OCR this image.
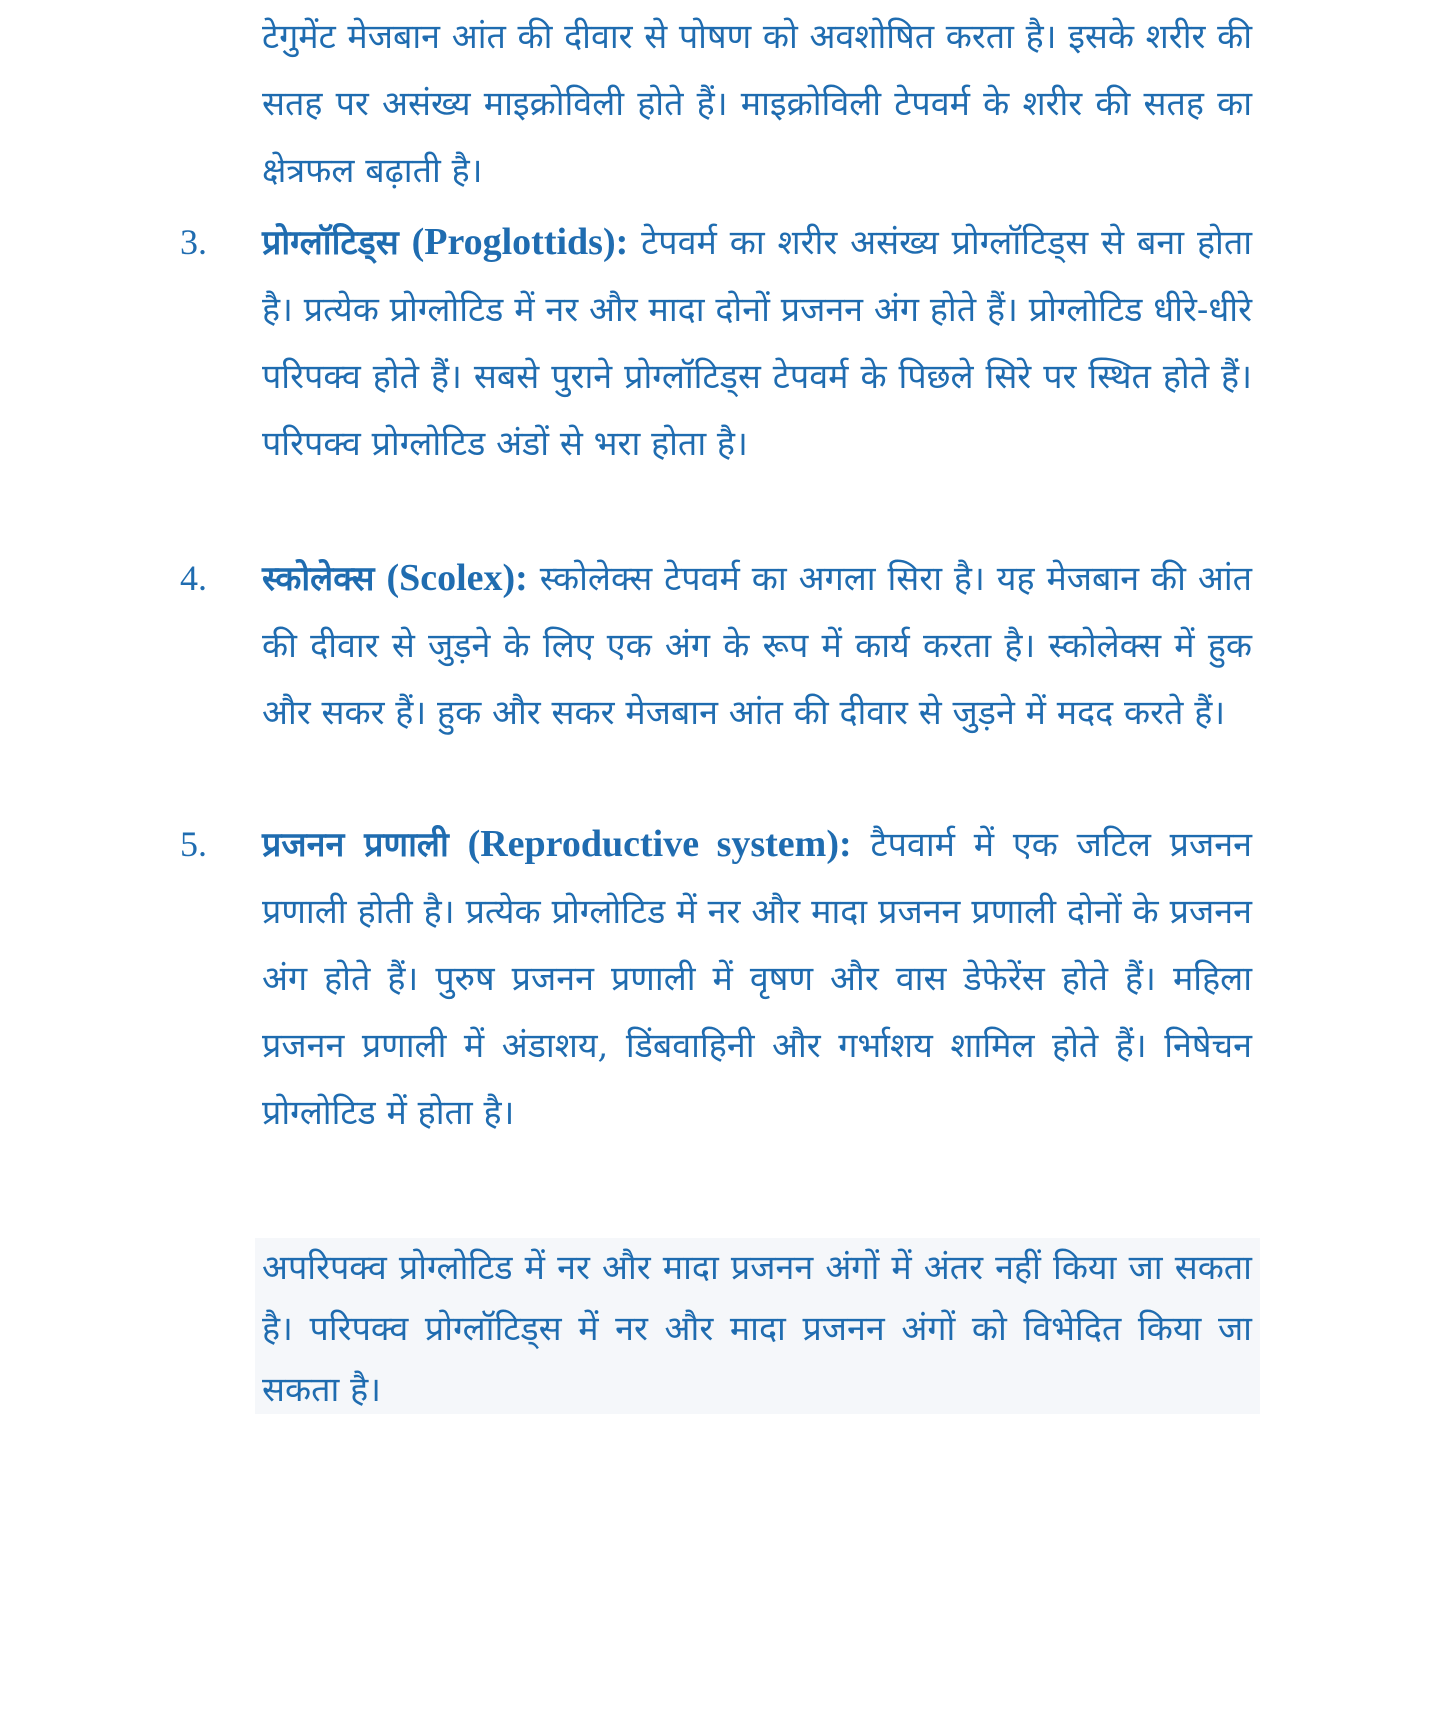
टेगुमेंट मेजबान आंत की दीवार से पोषण को अवशोषित करता है। इसके शरीर की सतह पर असंख्य माइक्रोविली होते हैं। माइक्रोविली टेपवर्म के शरीर की सतह का क्षेत्रफल बढ़ाती है।

3. प्रोग्लॉटिड्स (Proglottids): टेपवर्म का शरीर असंख्य प्रोग्लॉटिड्स से बना होता है। प्रत्येक प्रोग्लोटिड में नर और मादा दोनों प्रजनन अंग होते हैं। प्रोग्लोटिड धीरे-धीरे परिपक्व होते हैं। सबसे पुराने प्रोग्लॉटिड्स टेपवर्म के पिछले सिरे पर स्थित होते हैं। परिपक्व प्रोग्लोटिड अंडों से भरा होता है।

4. स्कोलेक्स (Scolex): स्कोलेक्स टेपवर्म का अगला सिरा है। यह मेजबान की आंत की दीवार से जुड़ने के लिए एक अंग के रूप में कार्य करता है। स्कोलेक्स में हुक और सकर हैं। हुक और सकर मेजबान आंत की दीवार से जुड़ने में मदद करते हैं।

5. प्रजनन प्रणाली (Reproductive system): टैपवार्म में एक जटिल प्रजनन प्रणाली होती है। प्रत्येक प्रोग्लोटिड में नर और मादा प्रजनन प्रणाली दोनों के प्रजनन अंग होते हैं। पुरुष प्रजनन प्रणाली में वृषण और वास डेफेरेंस होते हैं। महिला प्रजनन प्रणाली में अंडाशय, डिंबवाहिनी और गर्भाशय शामिल होते हैं। निषेचन प्रोग्लोटिड में होता है।

अपरिपक्व प्रोग्लोटिड में नर और मादा प्रजनन अंगों में अंतर नहीं किया जा सकता है। परिपक्व प्रोग्लॉटिड्स में नर और मादा प्रजनन अंगों को विभेदित किया जा सकता है।
